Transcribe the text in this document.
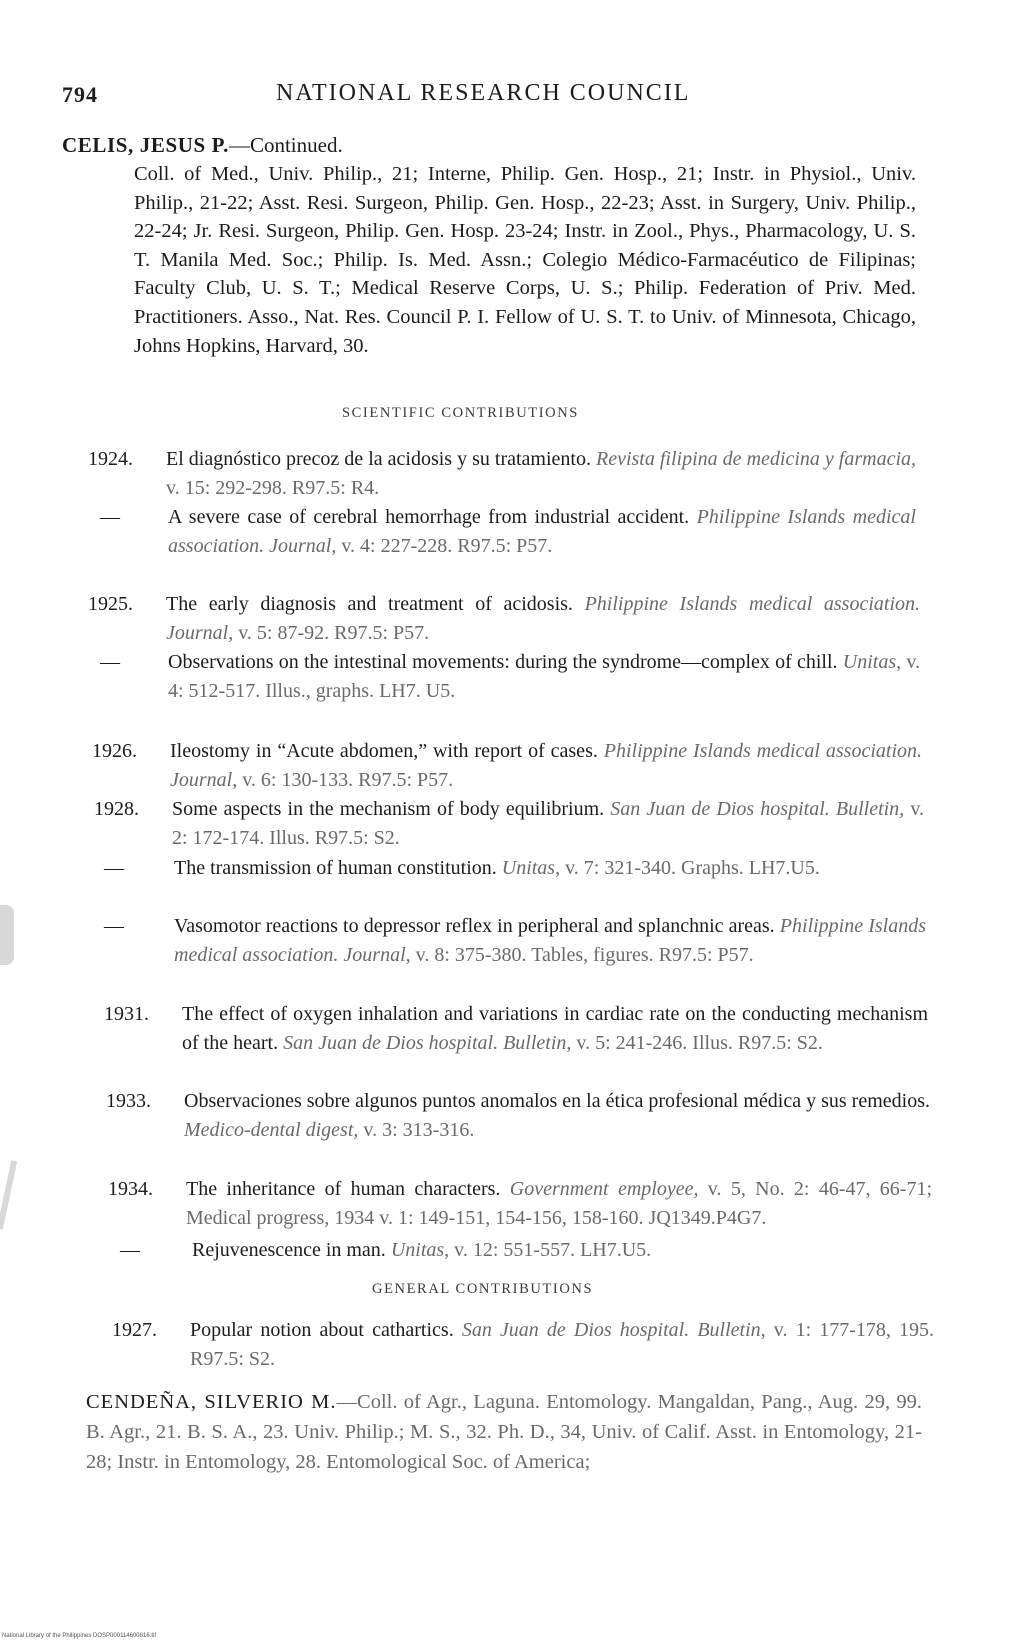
794	NATIONAL RESEARCH COUNCIL
CELIS, JESUS P.—Continued.
Coll. of Med., Univ. Philip., 21; Interne, Philip. Gen. Hosp., 21; Instr. in Physiol., Univ. Philip., 21-22; Asst. Resi. Surgeon, Philip. Gen. Hosp., 22-23; Asst. in Surgery, Univ. Philip., 22-24; Jr. Resi. Surgeon, Philip. Gen. Hosp. 23-24; Instr. in Zool., Phys., Pharmacology, U. S. T. Manila Med. Soc.; Philip. Is. Med. Assn.; Colegio Médico-Farmacéutico de Filipinas; Faculty Club, U. S. T.; Medical Reserve Corps, U. S.; Philip. Federation of Priv. Med. Practitioners. Asso., Nat. Res. Council P. I. Fellow of U. S. T. to Univ. of Minnesota, Chicago, Johns Hopkins, Harvard, 30.
SCIENTIFIC CONTRIBUTIONS
1924.	El diagnóstico precoz de la acidosis y su tratamiento. Revista filipina de medicina y farmacia, v. 15: 292-298. R97.5: R4.
—	A severe case of cerebral hemorrhage from industrial accident. Philippine Islands medical association. Journal, v. 4: 227-228. R97.5: P57.
1925.	The early diagnosis and treatment of acidosis. Philippine Islands medical association. Journal, v. 5: 87-92. R97.5: P57.
—	Observations on the intestinal movements: during the syndrome—complex of chill. Unitas, v. 4: 512-517. Illus., graphs. LH7. U5.
1926.	Ileostomy in “Acute abdomen,” with report of cases. Philippine Islands medical association. Journal, v. 6: 130-133. R97.5: P57.
1928.	Some aspects in the mechanism of body equilibrium. San Juan de Dios hospital. Bulletin, v. 2: 172-174. Illus. R97.5: S2.
—	The transmission of human constitution. Unitas, v. 7: 321-340. Graphs. LH7.U5.
—	Vasomotor reactions to depressor reflex in peripheral and splanchnic areas. Philippine Islands medical association. Journal, v. 8: 375-380. Tables, figures. R97.5: P57.
1931.	The effect of oxygen inhalation and variations in cardiac rate on the conducting mechanism of the heart. San Juan de Dios hospital. Bulletin, v. 5: 241-246. Illus. R97.5: S2.
1933.	Observaciones sobre algunos puntos anomalos en la ética profesional médica y sus remedios. Medico-dental digest, v. 3: 313-316.
1934.	The inheritance of human characters. Government employee, v. 5, No. 2: 46-47, 66-71; Medical progress, 1934 v. 1: 149-151, 154-156, 158-160. JQ1349.P4G7.
—	Rejuvenescence in man. Unitas, v. 12: 551-557. LH7.U5.
GENERAL CONTRIBUTIONS
1927.	Popular notion about cathartics. San Juan de Dios hospital. Bulletin, v. 1: 177-178, 195. R97.5: S2.
CENDEÑA, SILVERIO M.—Coll. of Agr., Laguna. Entomology. Mangaldan, Pang., Aug. 29, 99. B. Agr., 21. B. S. A., 23. Univ. Philip.; M. S., 32. Ph. D., 34, Univ. of Calif. Asst. in Entomology, 21-28; Instr. in Entomology, 28. Entomological Soc. of America;
National Library of the Philippines DOSP000114600816.tif
